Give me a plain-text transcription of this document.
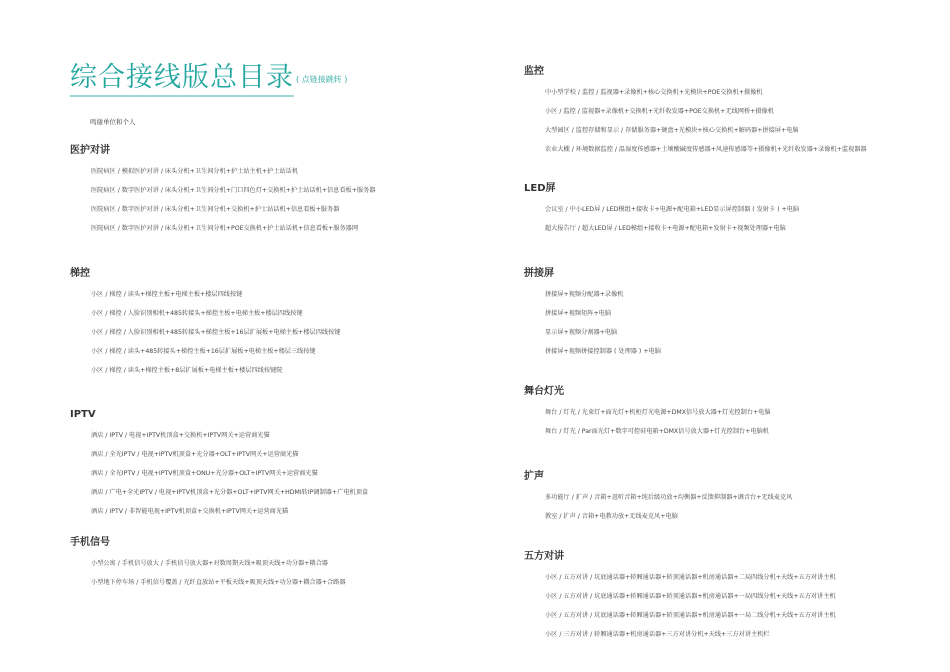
综合接线版总目录 $^{( 点链接跳转 )}$
鸣谢单位和个人
医护对讲
医院病区 / 模拟医护对讲 / 床头分机+卫生间分机+护士站主机+护士站话机
医院病区 / 数字医护对讲 / 床头分机+卫生间分机+门口四色灯+交换机+护士站话机+信息看板+服务器
医院病区 / 数字医护对讲 / 床头分机+卫生间分机+交换机+护士站话机+信息看板+服务器
医院病区 / 数字医护对讲 / 床头分机+卫生间分机+POE交换机+护士站话机+信息看板+服务器网
梯控
小区 / 梯控 / 读头+梯控主板+电梯主板+楼层四线按键
小区 / 梯控 / 人脸识别相机+485转接头+梯控主板+电梯主板+楼层四线按键
小区 / 梯控 / 人脸识别相机+485转接头+梯控主板+16层扩展板+电梯主板+楼层四线按键
小区 / 梯控 / 读头+485转接头+梯控主板+16层扩展板+电梯主板+楼层三线按键
小区 / 梯控 / 读头+梯控主板+8层扩展板+电梯主板+楼层四线按键院
IPTV
酒店 / IPTV / 电视+IPTV机顶盒+交换机+IPTV网关+运营商光猫
酒店 / 全光IPTV / 电视+IPTV机顶盒+光分器+OLT+IPTV网关+运营商光猫
酒店 / 全光IPTV / 电视+IPTV机顶盒+ONU+光分器+OLT+IPTV网关+运营商光猫
酒店 / 广电+全光IPTV / 电视+IPTV机顶盒+光分器+OLT+IPTV网关+HDMI转IP调制器+广电机顶盒
酒店 / IPTV / 非智能电视+IPTV机顶盒+交换机+IPTV网关+运营商光猫
手机信号
小型公寓 / 手机信号放大 / 手机信号放大器+对数周期天线+吸顶天线+功分器+耦合器
小型地下停车场 / 手机信号覆盖 / 光纤直放站+平板天线+吸顶天线+功分器+耦合器+合路器
监控
中小型学校 / 监控 / 监视器+录像机+核心交换机+光模块+POE交换机+摄像机
小区 / 监控 / 监视器+录像机+交换机+光纤收发器+POE交换机+无线网桥+摄像机
大型园区 / 监控存储和显示 / 存储服务器+硬盘+光模块+核心交换机+解码器+拼接屏+电脑
农业大棚 / 环境数据监控 / 温湿度传感器+土壤酸碱度传感器+风速传感器等+摄像机+光纤收发器+录像机+监视器器
LED屏
会议室 / 中小LED屏 / LED模组+接收卡+电源+配电箱+LED显示屏控制器 ( 发射卡 ) +电脑
超大报告厅 / 超大LED屏 / LED模组+接收卡+电源+配电箱+发射卡+视频处理器+电脑
拼接屏
拼接屏+视频分配器+录像机
拼接屏+视频矩阵+电脑
显示屏+视频分割器+电脑
拼接屏+视频拼接控制器 ( 处理器 ) +电脑
舞台灯光
舞台 / 灯光 / 光束灯+面光灯+机柜灯光电源+DMX信号放大器+灯光控制台+电脑
舞台 / 灯光 / Par面光灯+数字可控硅电箱+DMX信号放大器+灯光控制台+电脑机
扩声
多功能厅 / 扩声 / 音箱+返听音箱+纯后级功放+均衡器+反馈抑制器+调音台+无线麦克风
教室 / 扩声 / 音箱+电教功放+无线麦克风+电脑
五方对讲
小区 / 五方对讲 / 坑底通话器+轿厢通话器+轿顶通话器+机房通话器+二局四线分机+天线+五方对讲主机
小区 / 五方对讲 / 坑底通话器+轿厢通话器+轿顶通话器+机房通话器+一局四线分机+天线+五方对讲主机
小区 / 五方对讲 / 坑底通话器+轿厢通话器+轿顶通话器+机房通话器+一局二线分机+天线+五方对讲主机
小区 / 三方对讲 / 轿厢通话器+机房通话器+三方对讲分机+天线+三方对讲主机栏
